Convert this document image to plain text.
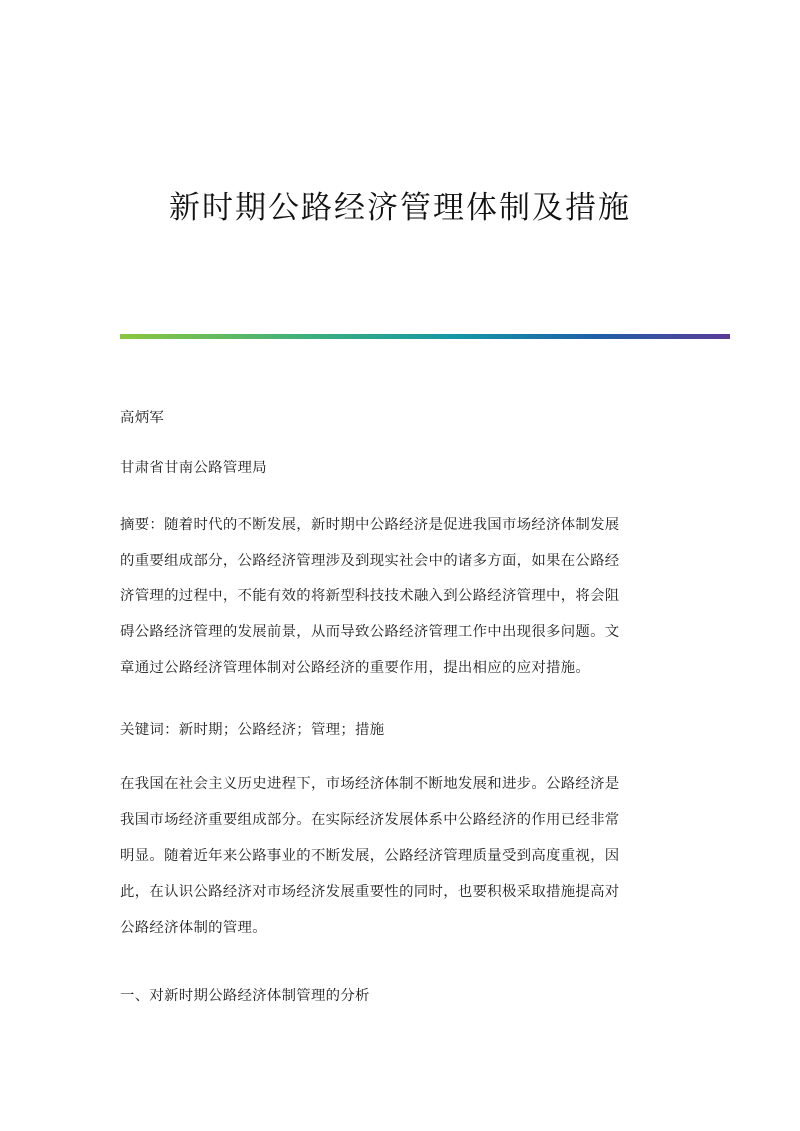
新时期公路经济管理体制及措施
高炳军
甘肃省甘南公路管理局
摘要：随着时代的不断发展，新时期中公路经济是促进我国市场经济体制发展
的重要组成部分，公路经济管理涉及到现实社会中的诸多方面，如果在公路经
济管理的过程中，不能有效的将新型科技技术融入到公路经济管理中，将会阻
碍公路经济管理的发展前景，从而导致公路经济管理工作中出现很多问题。文
章通过公路经济管理体制对公路经济的重要作用，提出相应的应对措施。
关键词：新时期；公路经济；管理；措施
在我国在社会主义历史进程下，市场经济体制不断地发展和进步。公路经济是
我国市场经济重要组成部分。在实际经济发展体系中公路经济的作用已经非常
明显。随着近年来公路事业的不断发展，公路经济管理质量受到高度重视，因
此，在认识公路经济对市场经济发展重要性的同时，也要积极采取措施提高对
公路经济体制的管理。
一、对新时期公路经济体制管理的分析
